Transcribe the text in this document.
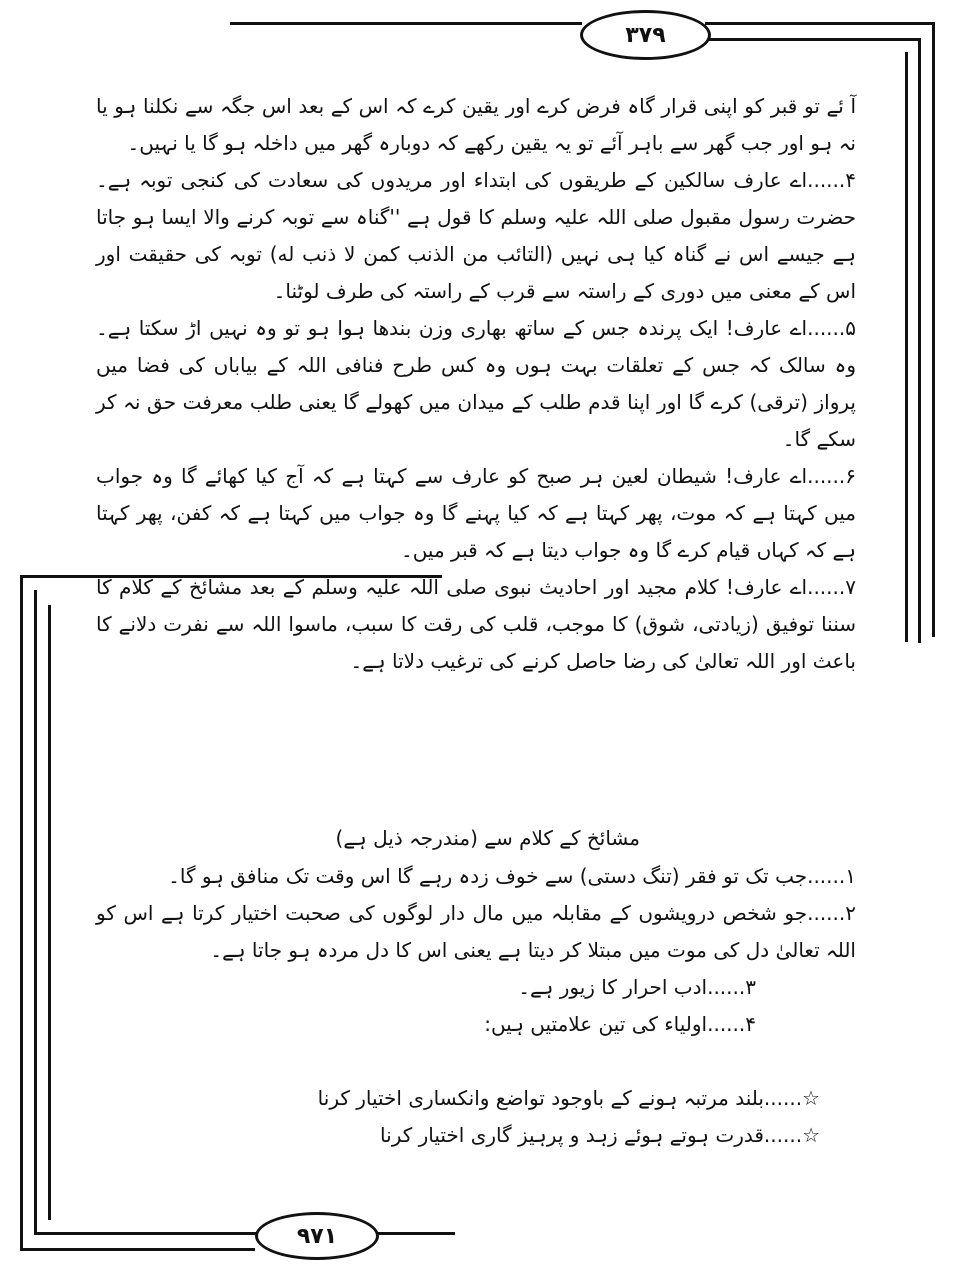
۳۷۹
۹۷۱

آ ئے تو قبر کو اپنی قرار گاہ فرض کرے اور یقین کرے کہ اس کے بعد اس جگہ سے نکلنا ہو یا نہ ہو اور جب گھر سے باہر آئے تو یہ یقین رکھے کہ دوبارہ گھر میں داخلہ ہو گا یا نہیں۔

۴......اے عارف سالکین کے طریقوں کی ابتداء اور مریدوں کی سعادت کی کنجی توبہ ہے۔ حضرت رسول مقبول صلی اللہ علیہ وسلم کا قول ہے ''گناہ سے توبہ کرنے والا ایسا ہو جاتا ہے جیسے اس نے گناہ کیا ہی نہیں (التائب من الذنب کمن لا ذنب له) توبہ کی حقیقت اور اس کے معنی میں دوری کے راستہ سے قرب کے راستہ کی طرف لوٹنا۔

۵......اے عارف! ایک پرندہ جس کے ساتھ بھاری وزن بندھا ہوا ہو تو وہ نہیں اڑ سکتا ہے۔ وہ سالک کہ جس کے تعلقات بہت ہوں وہ کس طرح فنافی اللہ کے بیاباں کی فضا میں پرواز (ترقی) کرے گا اور اپنا قدم طلب کے میدان میں کھولے گا یعنی طلب معرفت حق نہ کر سکے گا۔

۶......اے عارف! شیطان لعین ہر صبح کو عارف سے کہتا ہے کہ آج کیا کھائے گا وہ جواب میں کہتا ہے کہ موت، پھر کہتا ہے کہ کیا پہنے گا وہ جواب میں کہتا ہے کہ کفن، پھر کہتا ہے کہ کہاں قیام کرے گا وہ جواب دیتا ہے کہ قبر میں۔

۷......اے عارف! کلام مجید اور احادیث نبوی صلی اللہ علیہ وسلم کے بعد مشائخ کے کلام کا سننا توفیق (زیادتی، شوق) کا موجب، قلب کی رقت کا سبب، ماسوا اللہ سے نفرت دلانے کا باعث اور اللہ تعالیٰ کی رضا حاصل کرنے کی ترغیب دلاتا ہے۔

مشائخ کے کلام سے (مندرجہ ذیل ہے)

۱......جب تک تو فقر (تنگ دستی) سے خوف زدہ رہے گا اس وقت تک منافق ہو گا۔

۲......جو شخص درویشوں کے مقابلہ میں مال دار لوگوں کی صحبت اختیار کرتا ہے اس کو اللہ تعالیٰ دل کی موت میں مبتلا کر دیتا ہے یعنی اس کا دل مردہ ہو جاتا ہے۔

۳......ادب احرار کا زیور ہے۔

۴......اولیاء کی تین علامتیں ہیں:

☆......بلند مرتبہ ہونے کے باوجود تواضع وانکساری اختیار کرنا
☆......قدرت ہوتے ہوئے زہد و پرہیز گاری اختیار کرنا
